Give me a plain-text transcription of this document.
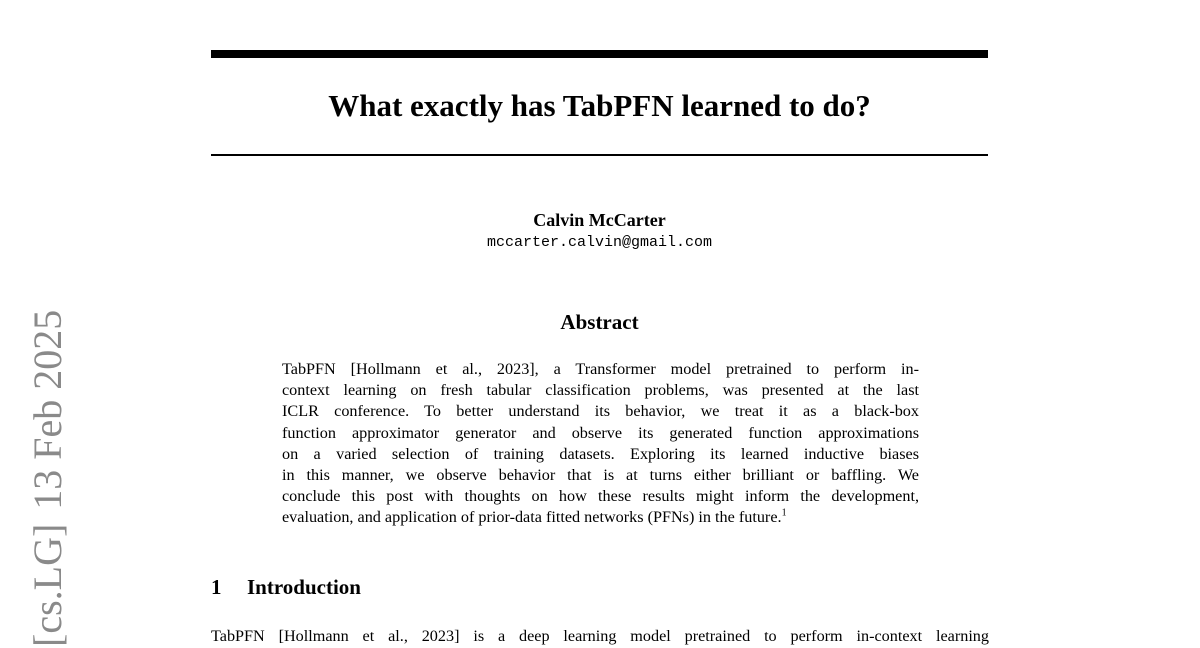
[cs.LG]13 Feb 2025
What exactly has TabPFN learned to do?
Calvin McCarter
mccarter.calvin@gmail.com
Abstract
TabPFN [Hollmann et al., 2023], a Transformer model pretrained to perform in-
context learning on fresh tabular classification problems, was presented at the last
ICLR conference. To better understand its behavior, we treat it as a black-box
function approximator generator and observe its generated function approximations
on a varied selection of training datasets. Exploring its learned inductive biases
in this manner, we observe behavior that is at turns either brilliant or baffling. We
conclude this post with thoughts on how these results might inform the development,
evaluation, and application of prior-data fitted networks (PFNs) in the future.$^1$
1 Introduction
TabPFN [Hollmann et al., 2023] is a deep learning model pretrained to perform in-context learning
